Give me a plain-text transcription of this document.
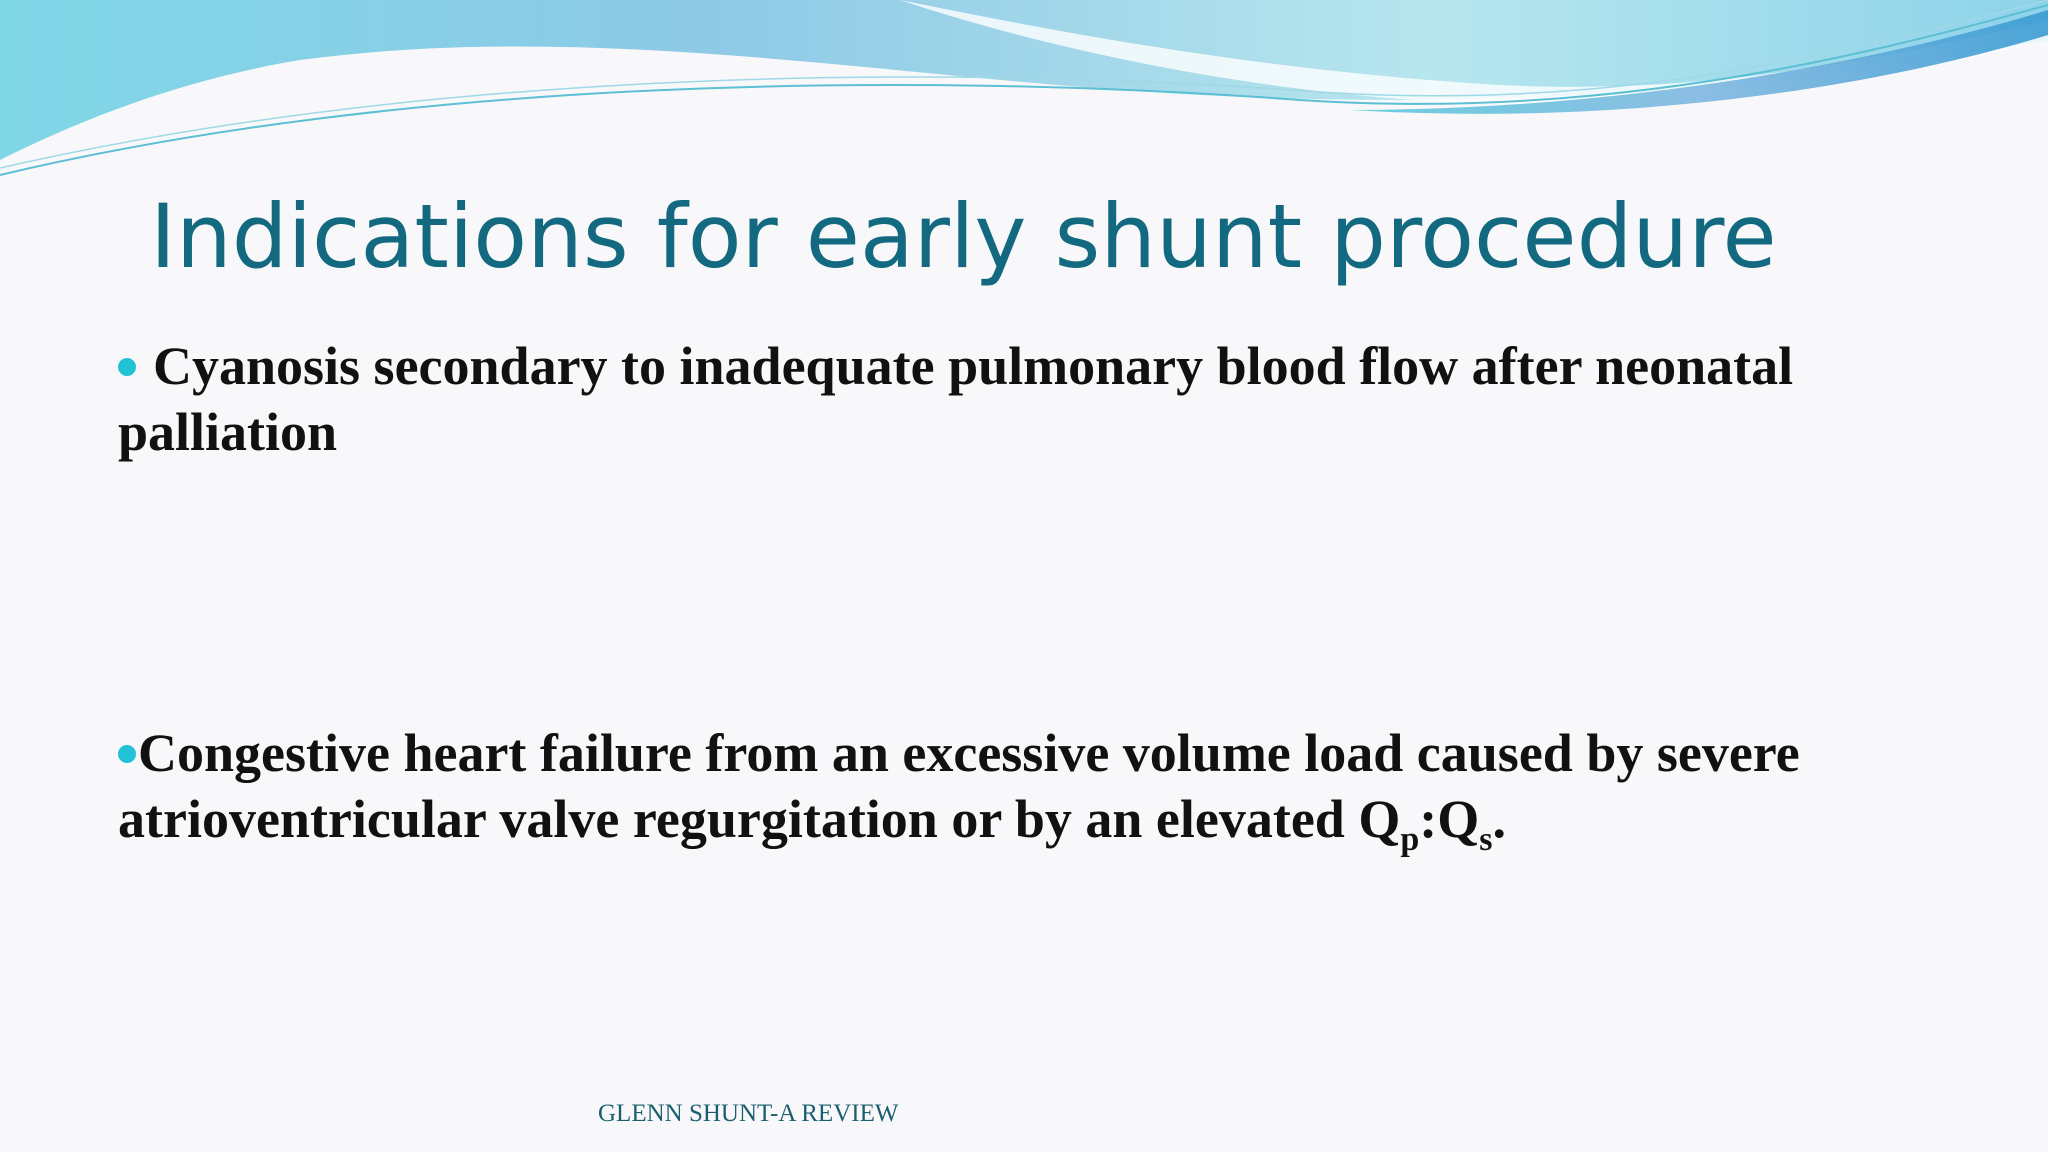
Indications for early shunt procedure
Cyanosis secondary to inadequate pulmonary blood flow after neonatal palliation
Congestive heart failure from an excessive volume load caused by severe atrioventricular valve regurgitation or by an elevated $Q_p:Q_s$.
GLENN SHUNT-A REVIEW
